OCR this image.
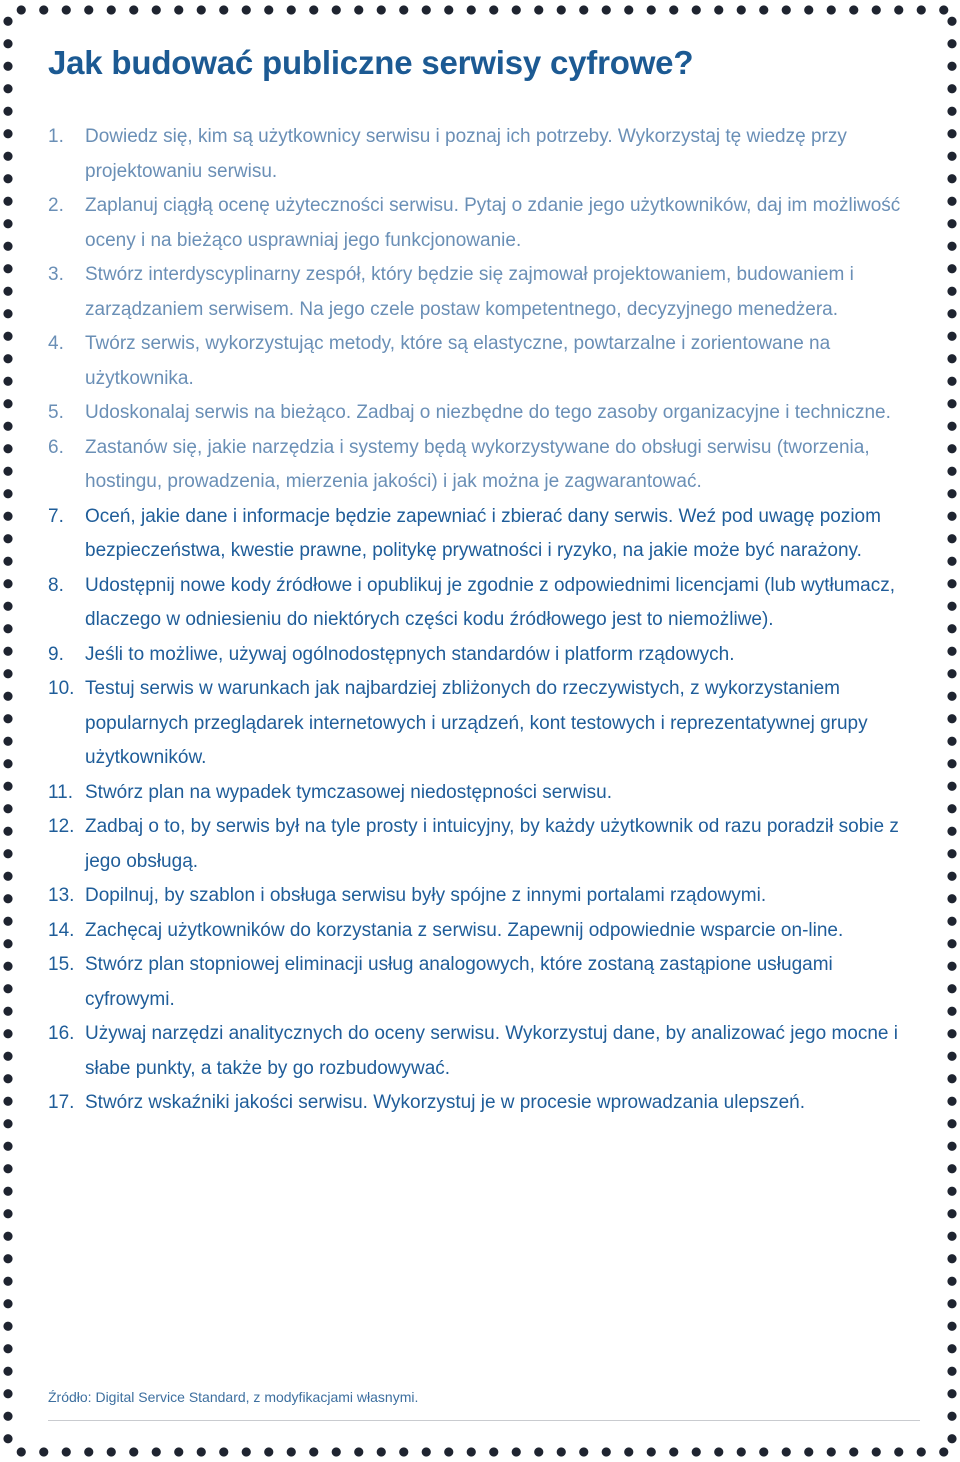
Jak budować publiczne serwisy cyfrowe?
1.	Dowiedz się, kim są użytkownicy serwisu i poznaj ich potrzeby. Wykorzystaj tę wiedzę przy projektowaniu serwisu.
2.	Zaplanuj ciągłą ocenę użyteczności serwisu. Pytaj o zdanie jego użytkowników, daj im możliwość oceny i na bieżąco usprawniaj jego funkcjonowanie.
3.	Stwórz interdyscyplinarny zespół, który będzie się zajmował projektowaniem, budowaniem i zarządzaniem serwisem. Na jego czele postaw kompetentnego, decyzyjnego menedżera.
4.	Twórz serwis, wykorzystując metody, które są elastyczne, powtarzalne i zorientowane na użytkownika.
5.	Udoskonalaj serwis na bieżąco. Zadbaj o niezbędne do tego zasoby organizacyjne i techniczne.
6.	Zastanów się, jakie narzędzia i systemy będą wykorzystywane do obsługi serwisu (tworzenia, hostingu, prowadzenia, mierzenia jakości) i jak można je zagwarantować.
7.	Oceń, jakie dane i informacje będzie zapewniać i zbierać dany serwis. Weź pod uwagę poziom bezpieczeństwa, kwestie prawne, politykę prywatności i ryzyko, na jakie może być narażony.
8.	Udostępnij nowe kody źródłowe i opublikuj je zgodnie z odpowiednimi licencjami (lub wytłumacz, dlaczego w odniesieniu do niektórych części kodu źródłowego jest to niemożliwe).
9.	Jeśli to możliwe, używaj ogólnodostępnych standardów i platform rządowych.
10. Testuj serwis w warunkach jak najbardziej zbliżonych do rzeczywistych, z wykorzystaniem popularnych przeglądarek internetowych i urządzeń, kont testowych i reprezentatywnej grupy użytkowników.
11. Stwórz plan na wypadek tymczasowej niedostępności serwisu.
12. Zadbaj o to, by serwis był na tyle prosty i intuicyjny, by każdy użytkownik od razu poradził sobie z jego obsługą.
13. Dopilnuj, by szablon i obsługa serwisu były spójne z innymi portalami rządowymi.
14. Zachęcaj użytkowników do korzystania z serwisu. Zapewnij odpowiednie wsparcie on-line.
15. Stwórz plan stopniowej eliminacji usług analogowych, które zostaną zastąpione usługami cyfrowymi.
16. Używaj narzędzi analitycznych do oceny serwisu. Wykorzystuj dane, by analizować jego mocne i słabe punkty, a także by go rozbudowywać.
17. Stwórz wskaźniki jakości serwisu. Wykorzystuj je w procesie wprowadzania ulepszeń.
Źródło: Digital Service Standard, z modyfikacjami własnymi.
